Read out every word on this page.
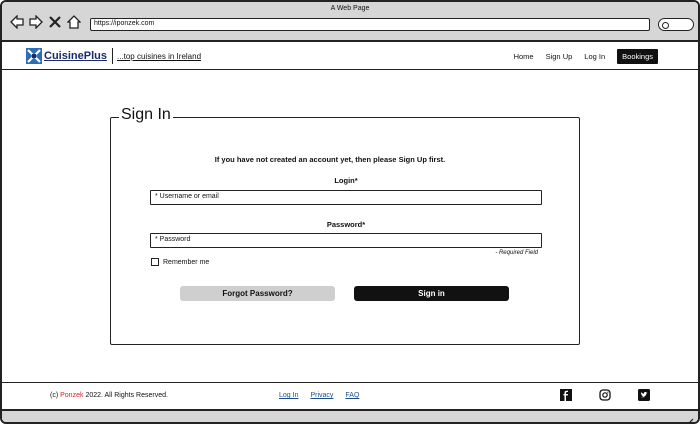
A Web Page
https://iponzek.com
CuisinePlus ...top cuisines in Ireland	Home Sign Up Log In	Bookings
Sign In
If you have not created an account yet, then please Sign Up first.
Login*
* Username or email
Password*
* Password
- Required Field
Remember me
Forgot Password?	Sign in
(c) Ponzek 2022. All Rights Reserved.	Log In Privacy FAQ
